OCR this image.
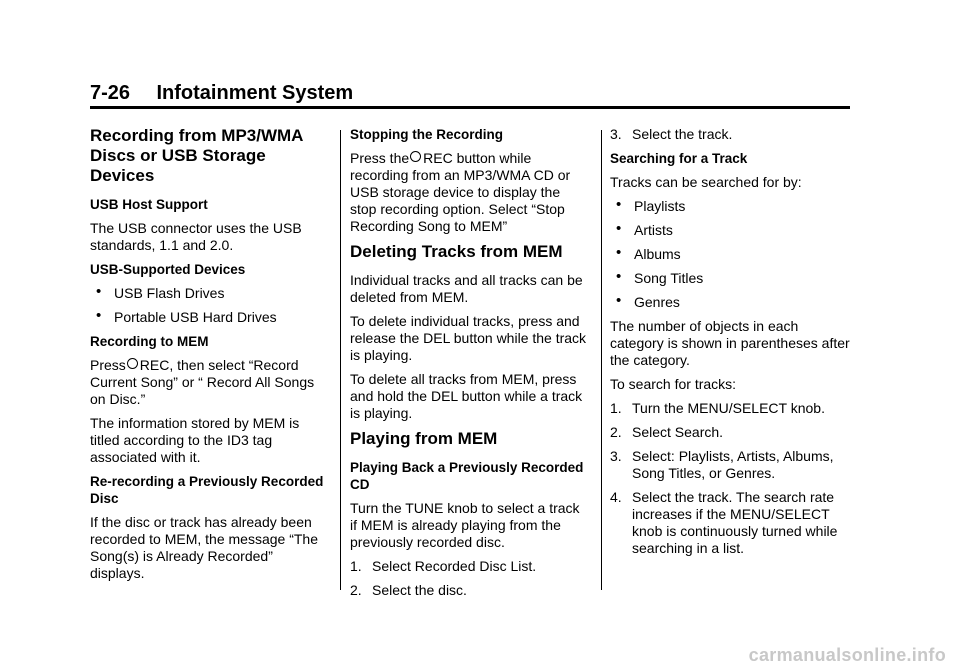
7-26 Infotainment System
Recording from MP3/WMA Discs or USB Storage Devices
USB Host Support

The USB connector uses the USB standards, 1.1 and 2.0.

USB-Supported Devices
• USB Flash Drives
• Portable USB Hard Drives
Recording to MEM

Press REC, then select “Record Current Song” or “ Record All Songs on Disc.”

The information stored by MEM is titled according to the ID3 tag associated with it.

Re-recording a Previously Recorded Disc

If the disc or track has already been recorded to MEM, the message “The Song(s) is Already Recorded” displays.

Stopping the Recording

Press the REC button while recording from an MP3/WMA CD or USB storage device to display the stop recording option. Select “Stop Recording Song to MEM”

Deleting Tracks from MEM

Individual tracks and all tracks can be deleted from MEM.

To delete individual tracks, press and release the DEL button while the track is playing.

To delete all tracks from MEM, press and hold the DEL button while a track is playing.

Playing from MEM
Playing Back a Previously Recorded CD

Turn the TUNE knob to select a track if MEM is already playing from the previously recorded disc.

1. Select Recorded Disc List.
2. Select the disc.
3. Select the track.
Searching for a Track

Tracks can be searched for by:

• Playlists
• Artists
• Albums
• Song Titles
• Genres

The number of objects in each category is shown in parentheses after the category.

To search for tracks:

1. Turn the MENU/SELECT knob.
2. Select Search.
3. Select: Playlists, Artists, Albums, Song Titles, or Genres.
4. Select the track. The search rate increases if the MENU/SELECT knob is continuously turned while searching in a list.
carmanualsonline.info
